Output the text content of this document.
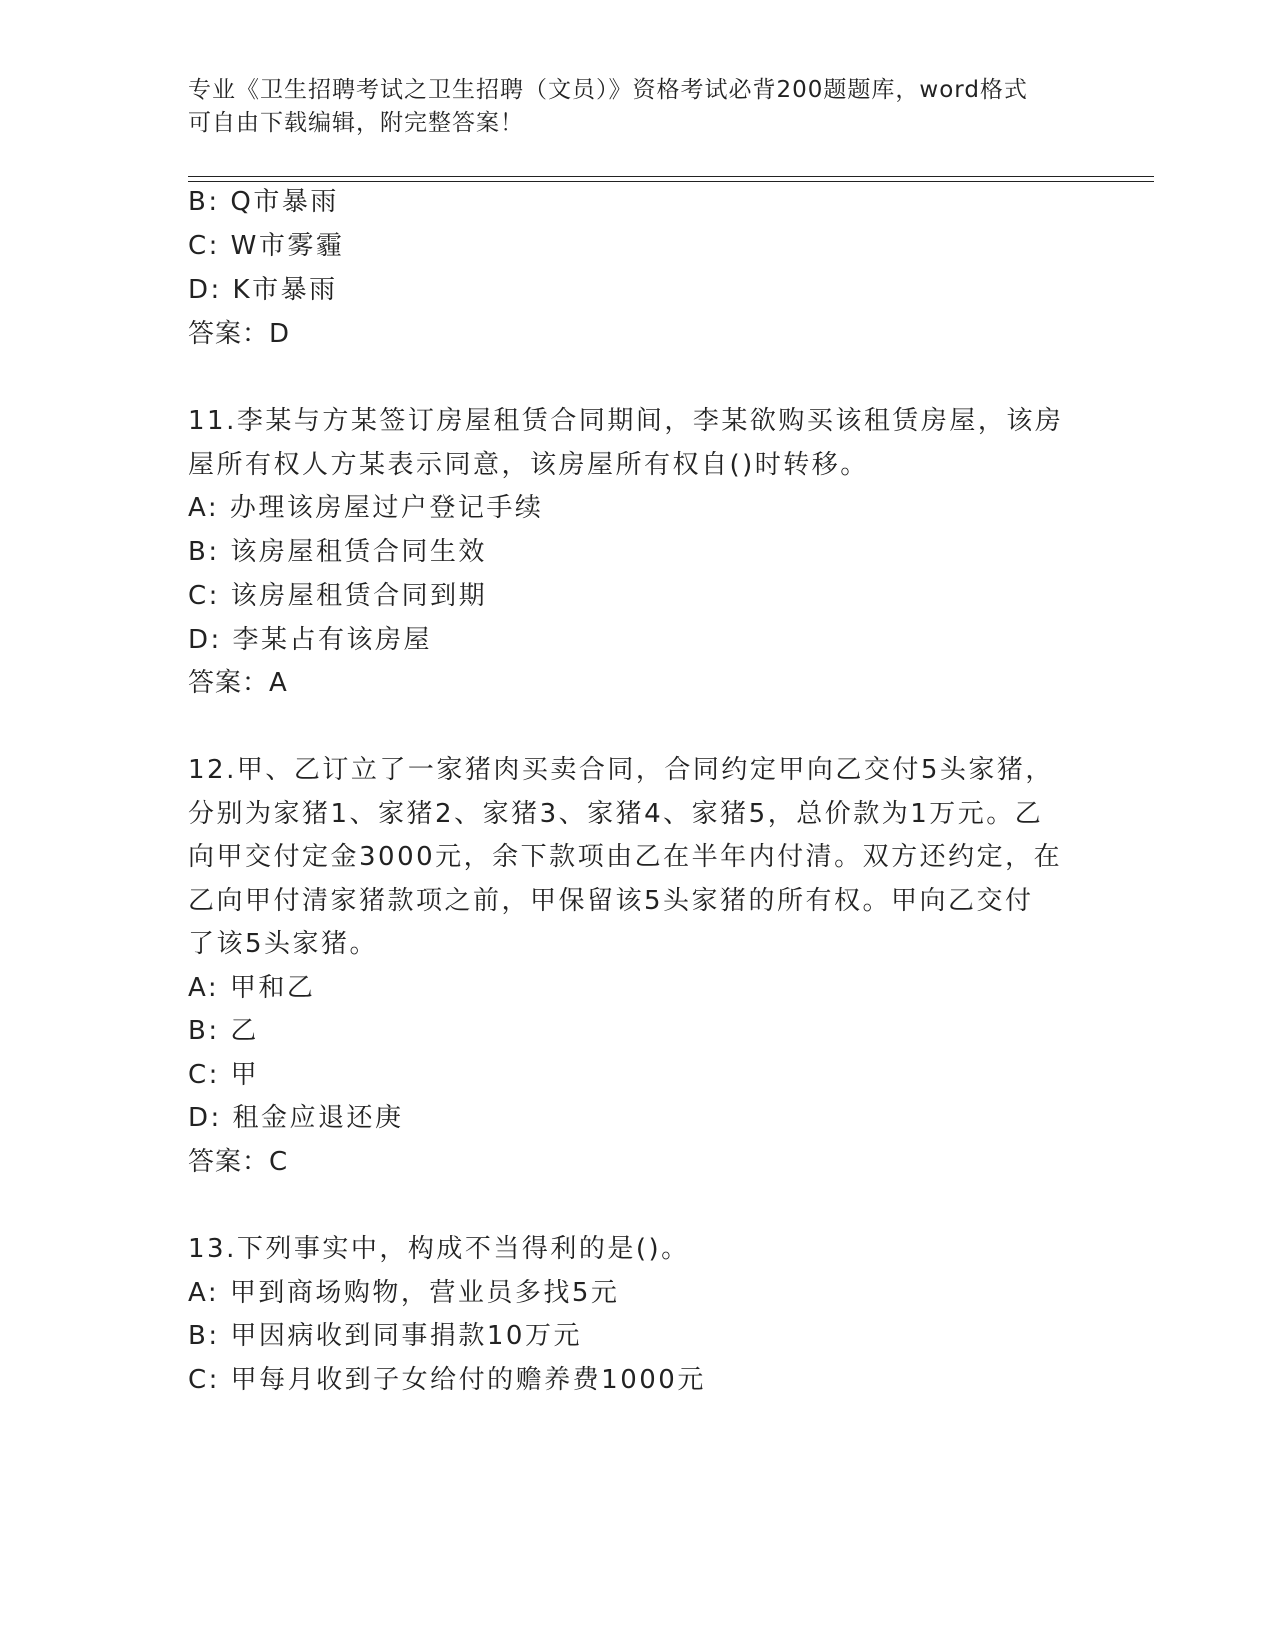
专业《卫生招聘考试之卫生招聘（文员）》资格考试必背200题题库，word格式
可自由下载编辑，附完整答案！
B: Q市暴雨
C: W市雾霾
D: K市暴雨
答案：D
11.李某与方某签订房屋租赁合同期间，李某欲购买该租赁房屋，该房
屋所有权人方某表示同意，该房屋所有权自()时转移。
A: 办理该房屋过户登记手续
B: 该房屋租赁合同生效
C: 该房屋租赁合同到期
D: 李某占有该房屋
答案：A
12.甲、乙订立了一家猪肉买卖合同，合同约定甲向乙交付5头家猪，
分别为家猪1、家猪2、家猪3、家猪4、家猪5，总价款为1万元。乙
向甲交付定金3000元，余下款项由乙在半年内付清。双方还约定，在
乙向甲付清家猪款项之前，甲保留该5头家猪的所有权。甲向乙交付
了该5头家猪。
A: 甲和乙
B: 乙
C: 甲
D: 租金应退还庚
答案：C
13.下列事实中，构成不当得利的是()。
A: 甲到商场购物，营业员多找5元
B: 甲因病收到同事捐款10万元
C: 甲每月收到子女给付的赡养费1000元
